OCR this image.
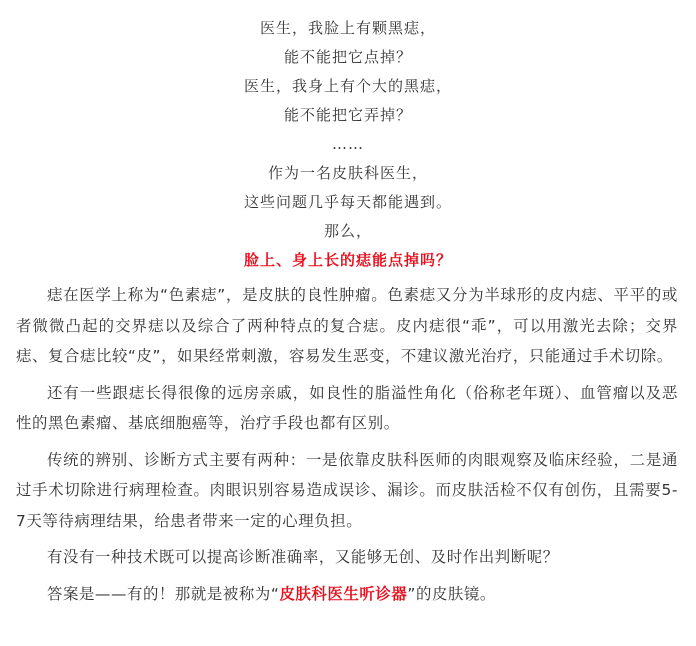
医生，我脸上有颗黑痣，

能不能把它点掉？

医生，我身上有个大的黑痣，

能不能把它弄掉？

……

作为一名皮肤科医生，

这些问题几乎每天都能遇到。

那么，

脸上、身上长的痣能点掉吗？

痣在医学上称为“色素痣”，是皮肤的良性肿瘤。色素痣又分为半球形的皮内痣、平平的或者微微凸起的交界痣以及综合了两种特点的复合痣。皮内痣很“乖”，可以用激光去除；交界痣、复合痣比较“皮”，如果经常刺激，容易发生恶变，不建议激光治疗，只能通过手术切除。

还有一些跟痣长得很像的远房亲戚，如良性的脂溢性角化（俗称老年斑）、血管瘤以及恶性的黑色素瘤、基底细胞癌等，治疗手段也都有区别。

传统的辨别、诊断方式主要有两种：一是依靠皮肤科医师的肉眼观察及临床经验，二是通过手术切除进行病理检查。肉眼识别容易造成误诊、漏诊。而皮肤活检不仅有创伤，且需要5-7天等待病理结果，给患者带来一定的心理负担。

有没有一种技术既可以提高诊断准确率，又能够无创、及时作出判断呢？

答案是——有的！那就是被称为“皮肤科医生听诊器”的皮肤镜。
